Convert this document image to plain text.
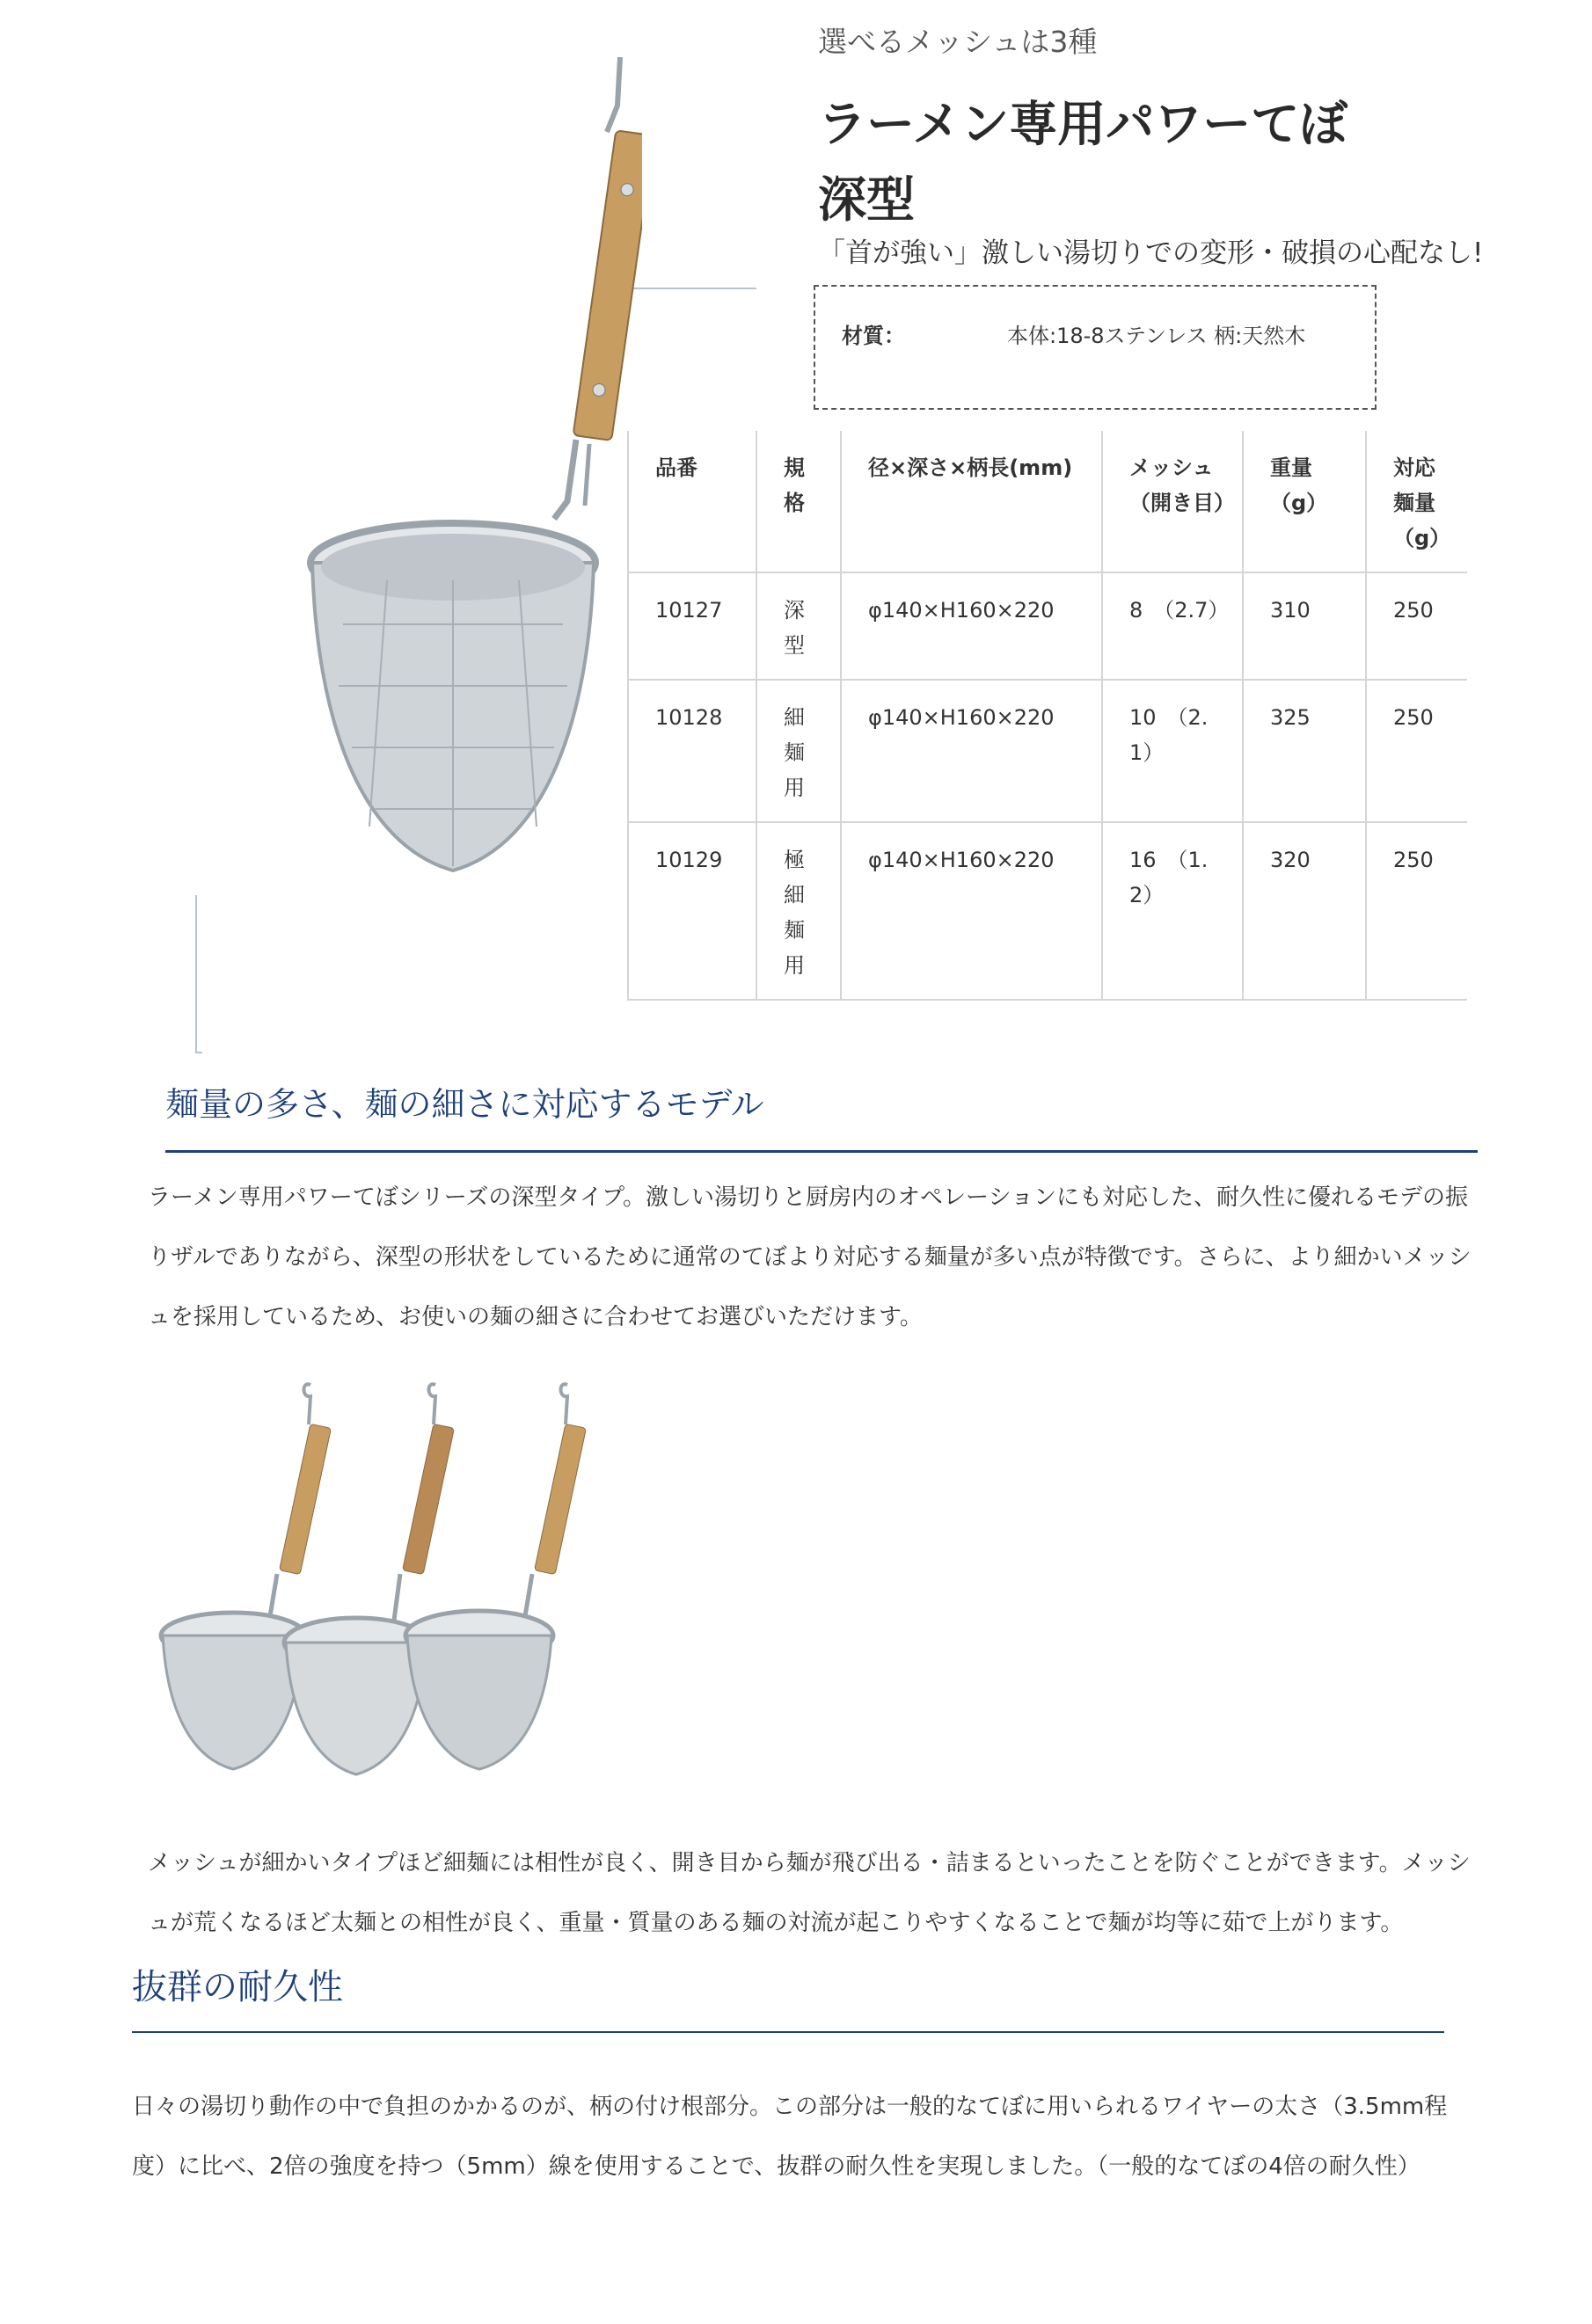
選べるメッシュは3種
ラーメン専用パワーてぼ
深型
「首が強い」激しい湯切りでの変形・破損の心配なし!
材質：	本体:18-8ステンレス 柄:天然木
品番	規格	径×深さ×柄長(mm)	メッシュ（開き目）	重量（g）	対応麺量（g）
10127	深型	φ140×H160×220	8　（2.7）	310	250
10128	細麺用	φ140×H160×220	10　（2.1）	325	250
10129	極細麺用	φ140×H160×220	16　（1.2）	320	250
麺量の多さ、麺の細さに対応するモデル
ラーメン専用パワーてぼシリーズの深型タイプ。激しい湯切りと厨房内のオペレーションにも対応した、耐久性に優れるモデの振りザルでありながら、深型の形状をしているために通常のてぼより対応する麺量が多い点が特徴です。さらに、より細かいメッシュを採用しているため、お使いの麺の細さに合わせてお選びいただけます。
メッシュが細かいタイプほど細麺には相性が良く、開き目から麺が飛び出る・詰まるといったことを防ぐことができます。メッシュが荒くなるほど太麺との相性が良く、重量・質量のある麺の対流が起こりやすくなることで麺が均等に茹で上がります。
抜群の耐久性
日々の湯切り動作の中で負担のかかるのが、柄の付け根部分。この部分は一般的なてぼに用いられるワイヤーの太さ（3.5mm程度）に比べ、2倍の強度を持つ（5mm）線を使用することで、抜群の耐久性を実現しました。（一般的なてぼの4倍の耐久性）
